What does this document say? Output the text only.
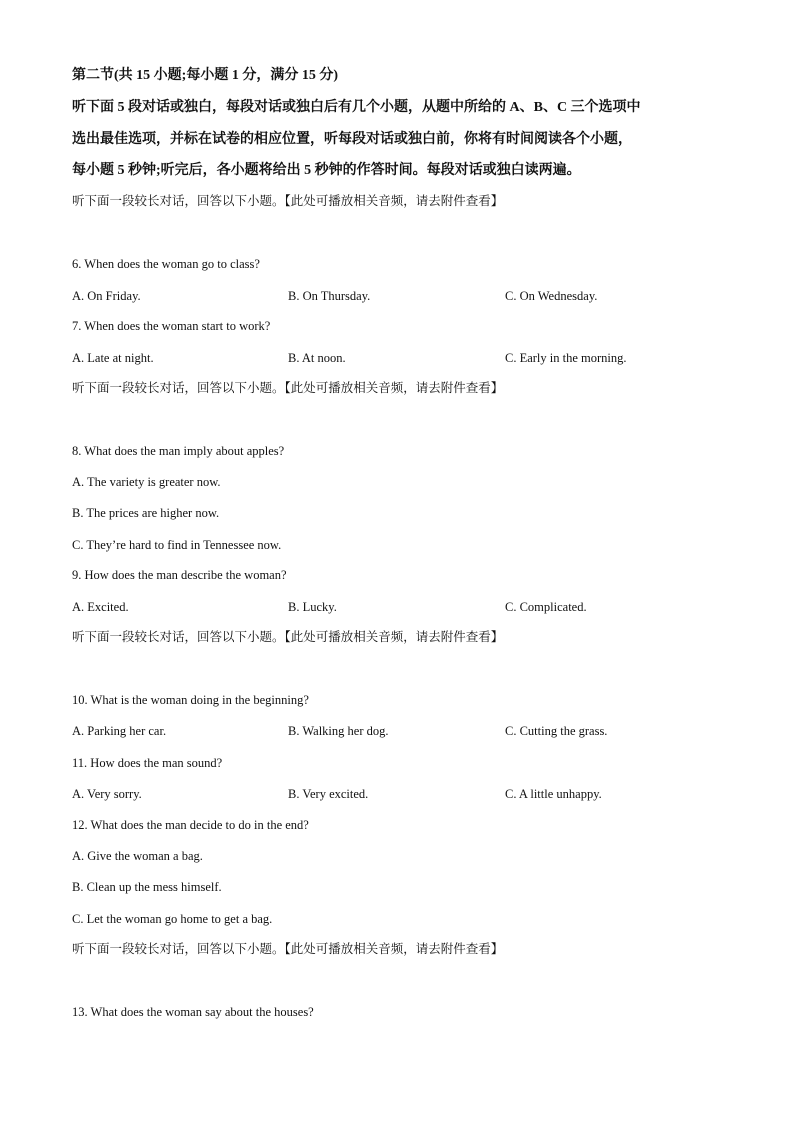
第二节(共 15 小题;每小题 1 分，满分 15 分)
听下面 5 段对话或独白，每段对话或独白后有几个小题，从题中所给的 A、B、C 三个选项中
选出最佳选项，并标在试卷的相应位置，听每段对话或独白前，你将有时间阅读各个小题，
每小题 5 秒钟;听完后，各小题将给出 5 秒钟的作答时间。每段对话或独白读两遍。
听下面一段较长对话，回答以下小题。【此处可播放相关音频，请去附件查看】
6. When does the woman go to class?
A. On Friday.	B. On Thursday.	C. On Wednesday.
7. When does the woman start to work?
A. Late at night.	B. At noon.	C. Early in the morning.
听下面一段较长对话，回答以下小题。【此处可播放相关音频，请去附件查看】
8. What does the man imply about apples?
A. The variety is greater now.
B. The prices are higher now.
C. They’re hard to find in Tennessee now.
9. How does the man describe the woman?
A. Excited.	B. Lucky.	C. Complicated.
听下面一段较长对话，回答以下小题。【此处可播放相关音频，请去附件查看】
10. What is the woman doing in the beginning?
A. Parking her car.	B. Walking her dog.	C. Cutting the grass.
11. How does the man sound?
A. Very sorry.	B. Very excited.	C. A little unhappy.
12. What does the man decide to do in the end?
A. Give the woman a bag.
B. Clean up the mess himself.
C. Let the woman go home to get a bag.
听下面一段较长对话，回答以下小题。【此处可播放相关音频，请去附件查看】
13. What does the woman say about the houses?
